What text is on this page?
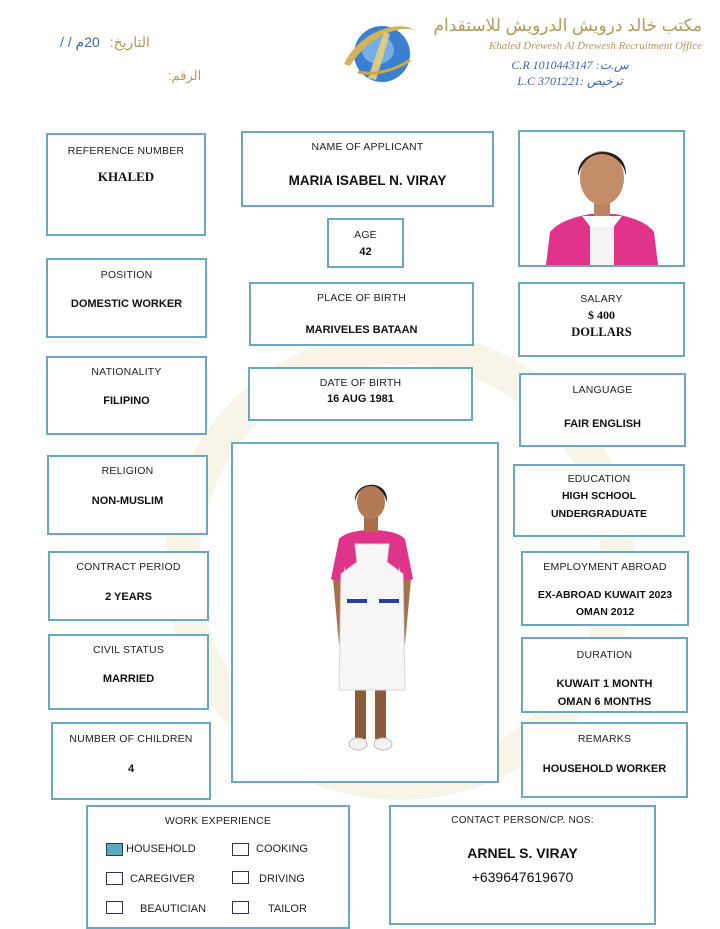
التاريخ: 20م / /
الرقم:
مكتب خالد درويش الدرويش للاستقدام
Khaled Drewesh Al Drewesh Recruitment Office
C.R 1010443147 :س.ت
L.C 3701221: ترخيص
REFERENCE NUMBER
KHALED
NAME OF APPLICANT
MARIA ISABEL N. VIRAY
AGE
42
POSITION
DOMESTIC WORKER	PLACE OF BIRTH
MARIVELES BATAAN
SALARY
$ 400
DOLLARS
NATIONALITY
FILIPINO
DATE OF BIRTH
16 AUG 1981
LANGUAGE
FAIR ENGLISH
RELIGION
NON-MUSLIM
EDUCATION
HIGH SCHOOL
UNDERGRADUATE
CONTRACT PERIOD
2 YEARS
EMPLOYMENT ABROAD
EX-ABROAD KUWAIT 2023
OMAN 2012
CIVIL STATUS
MARRIED
DURATION
KUWAIT 1 MONTH
OMAN 6 MONTHS
NUMBER OF CHILDREN
4
REMARKS
HOUSEHOLD WORKER
WORK EXPERIENCE
HOUSEHOLD	COOKING
CAREGIVER	DRIVING
BEAUTICIAN	TAILOR
CONTACT PERSON/CP. NOS:
ARNEL S. VIRAY
+639647619670
